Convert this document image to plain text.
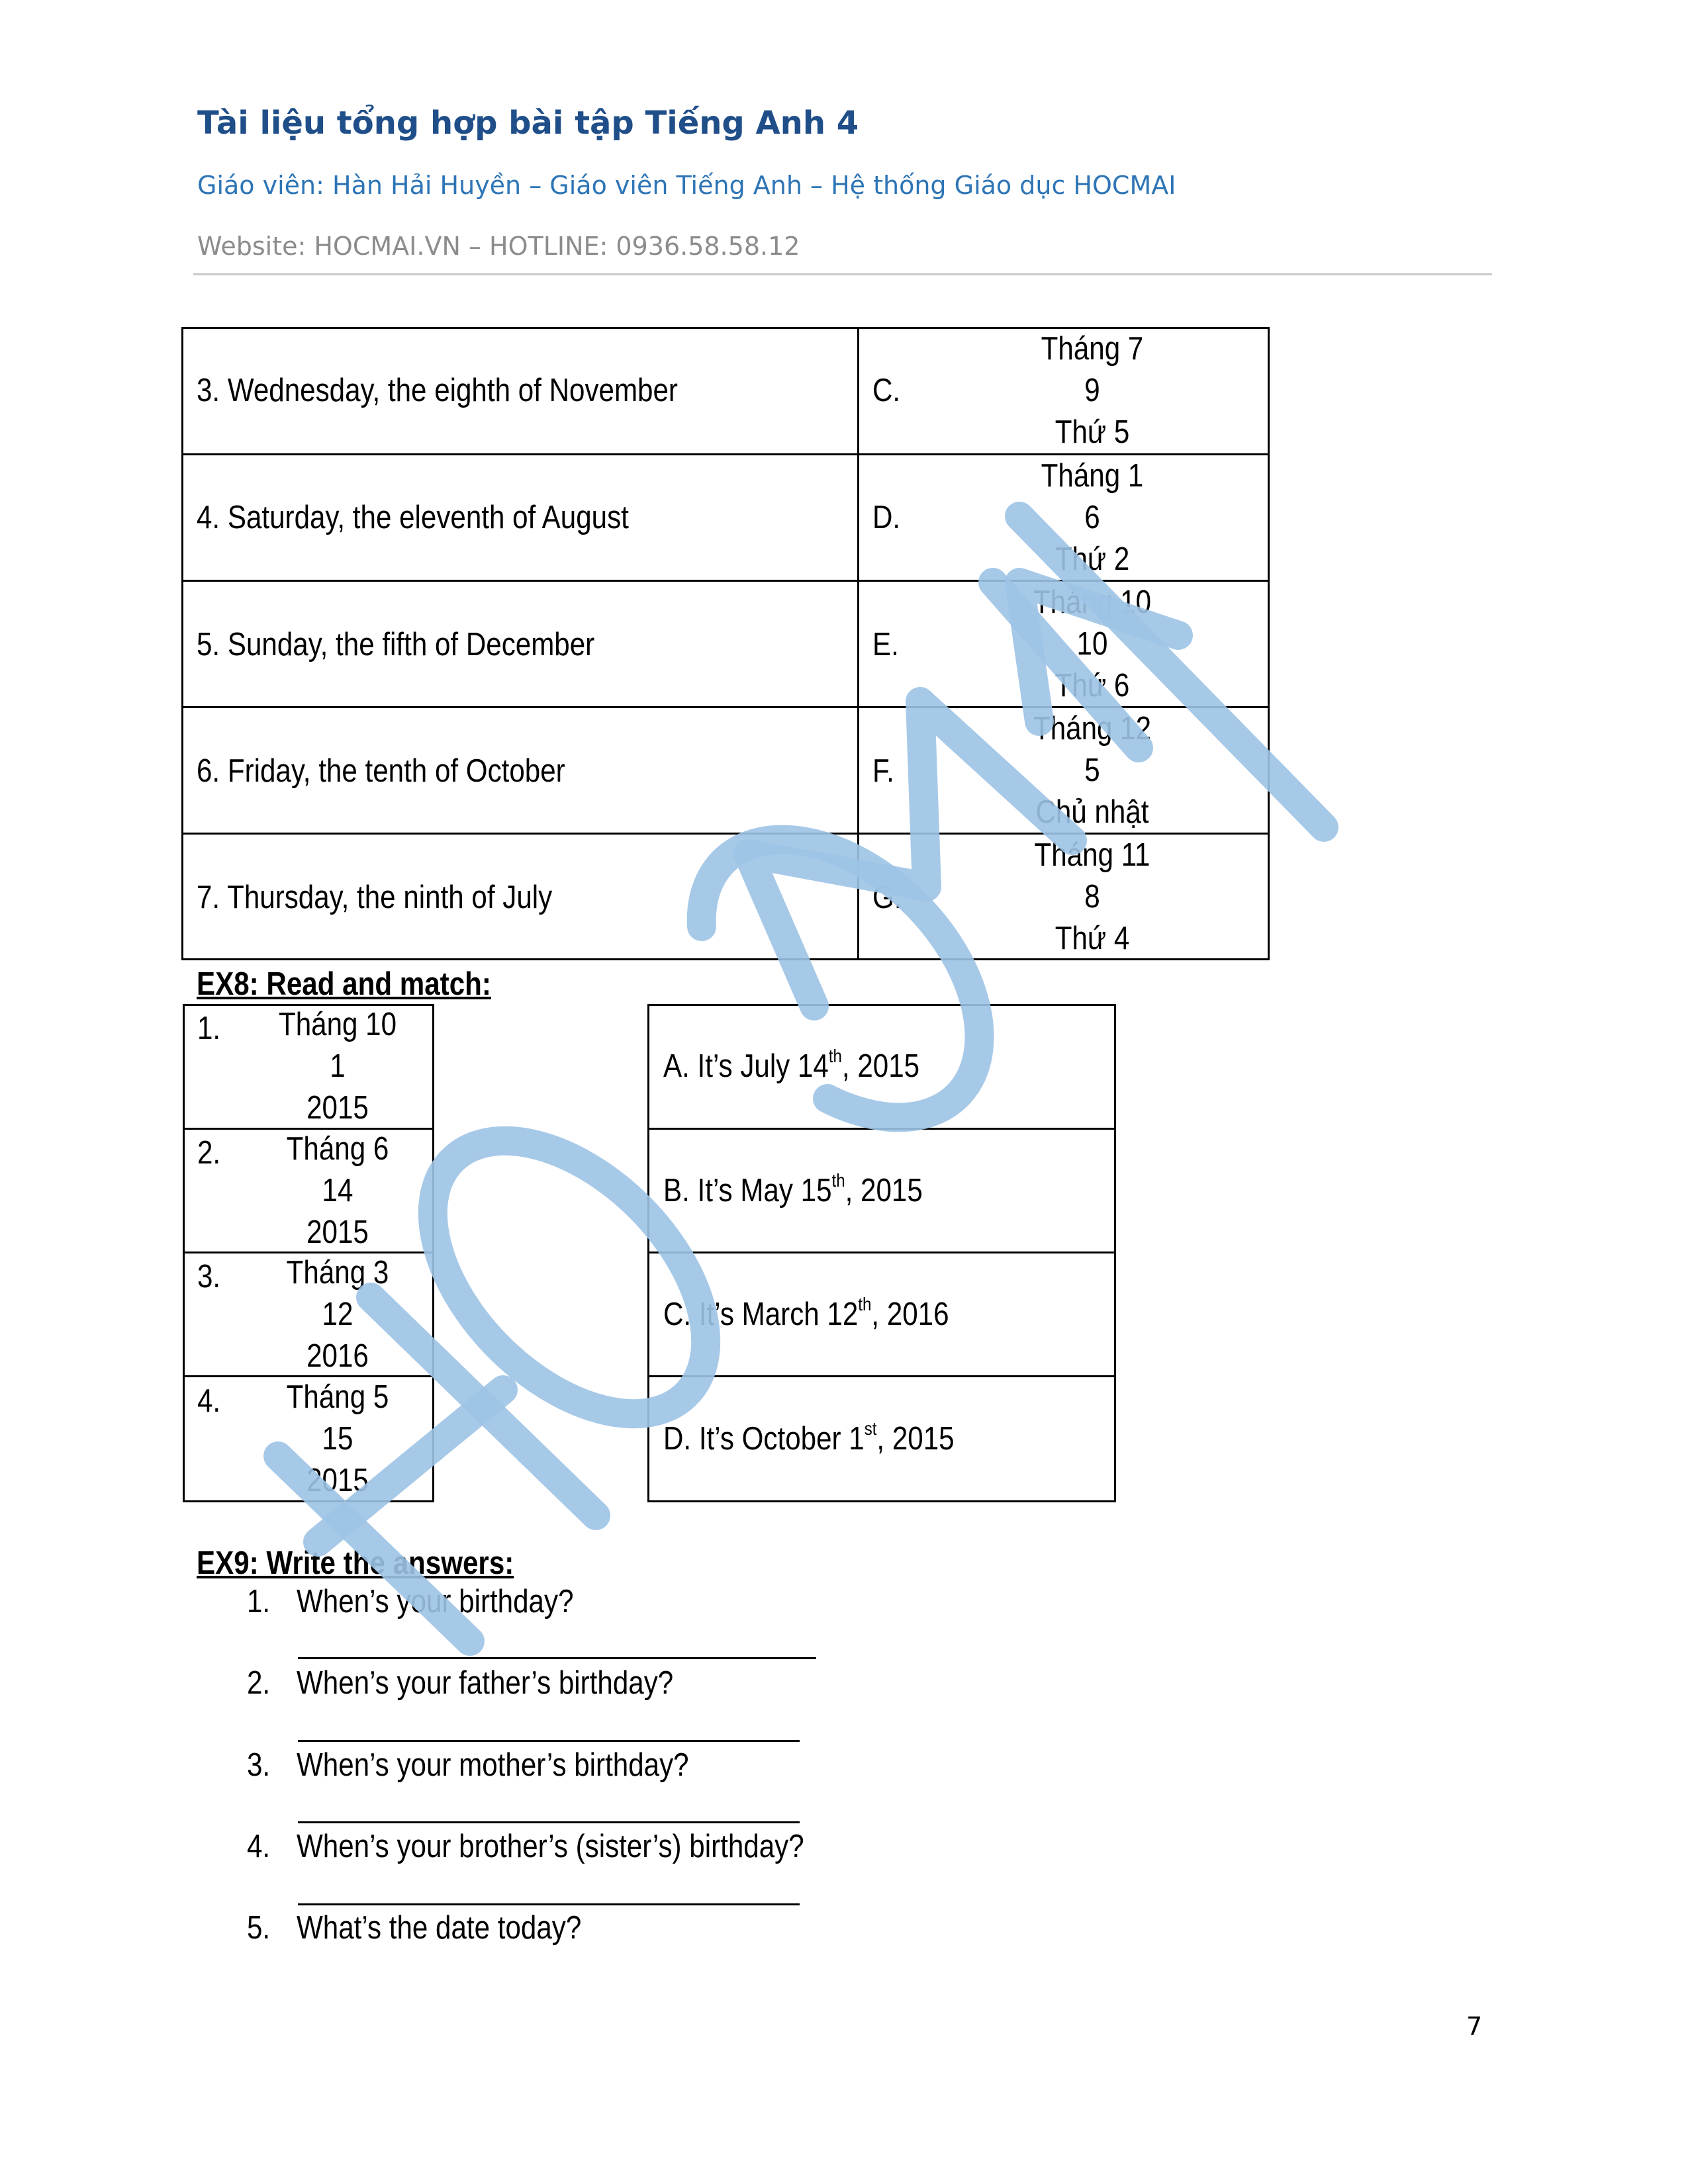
Tài liệu tổng hợp bài tập Tiếng Anh 4
Giáo viên: Hàn Hải Huyền – Giáo viên Tiếng Anh – Hệ thống Giáo dục HOCMAI
Website: HOCMAI.VN – HOTLINE: 0936.58.58.12
3. Wednesday, the eighth of November	C.
Tháng 7
9
Thứ 5
4. Saturday, the eleventh of August	D.
Tháng 1
6
Thứ 2
5. Sunday, the fifth of December	E.
Tháng 10
10
Thứ 6
6. Friday, the tenth of October	F.
Tháng 12
5
Chủ nhật
7. Thursday, the ninth of July	G.
Tháng 11
8
Thứ 4
EX8: Read and match:
1.	Tháng 10
1
2015
2.	Tháng 6
14
2015
3.	Tháng 3
12
2016
4.	Tháng 5
15
2015
A. It’s July 14th, 2015
B. It’s May 15th, 2015
C. It’s March 12th, 2016
D. It’s October 1st, 2015
EX9: Write the answers:
1. When’s your birthday?
2. When’s your father’s birthday?
3. When’s your mother’s birthday?
4. When’s your brother’s (sister’s) birthday?
5. What’s the date today?
7
